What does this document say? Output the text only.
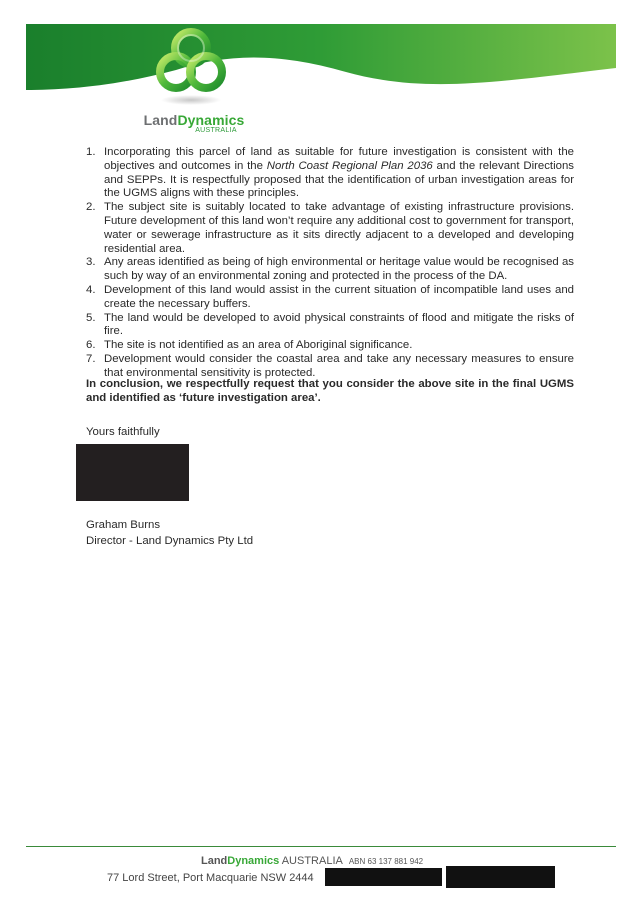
LandDynamics
AUSTRALIA
1. Incorporating this parcel of land as suitable for future investigation is consistent with the objectives and outcomes in the North Coast Regional Plan 2036 and the relevant Directions and SEPPs. It is respectfully proposed that the identification of urban investigation areas for the UGMS aligns with these principles.
2. The subject site is suitably located to take advantage of existing infrastructure provisions. Future development of this land won’t require any additional cost to government for transport, water or sewerage infrastructure as it sits directly adjacent to a developed and developing residential area.
3. Any areas identified as being of high environmental or heritage value would be recognised as such by way of an environmental zoning and protected in the process of the DA.
4. Development of this land would assist in the current situation of incompatible land uses and create the necessary buffers.
5. The land would be developed to avoid physical constraints of flood and mitigate the risks of fire.
6. The site is not identified as an area of Aboriginal significance.
7. Development would consider the coastal area and take any necessary measures to ensure that environmental sensitivity is protected.

In conclusion, we respectfully request that you consider the above site in the final UGMS and identified as ‘future investigation area’.

Yours faithfully

Graham Burns
Director - Land Dynamics Pty Ltd
LandDynamics AUSTRALIA ABN 63 137 881 942
77 Lord Street, Port Macquarie NSW 2444
